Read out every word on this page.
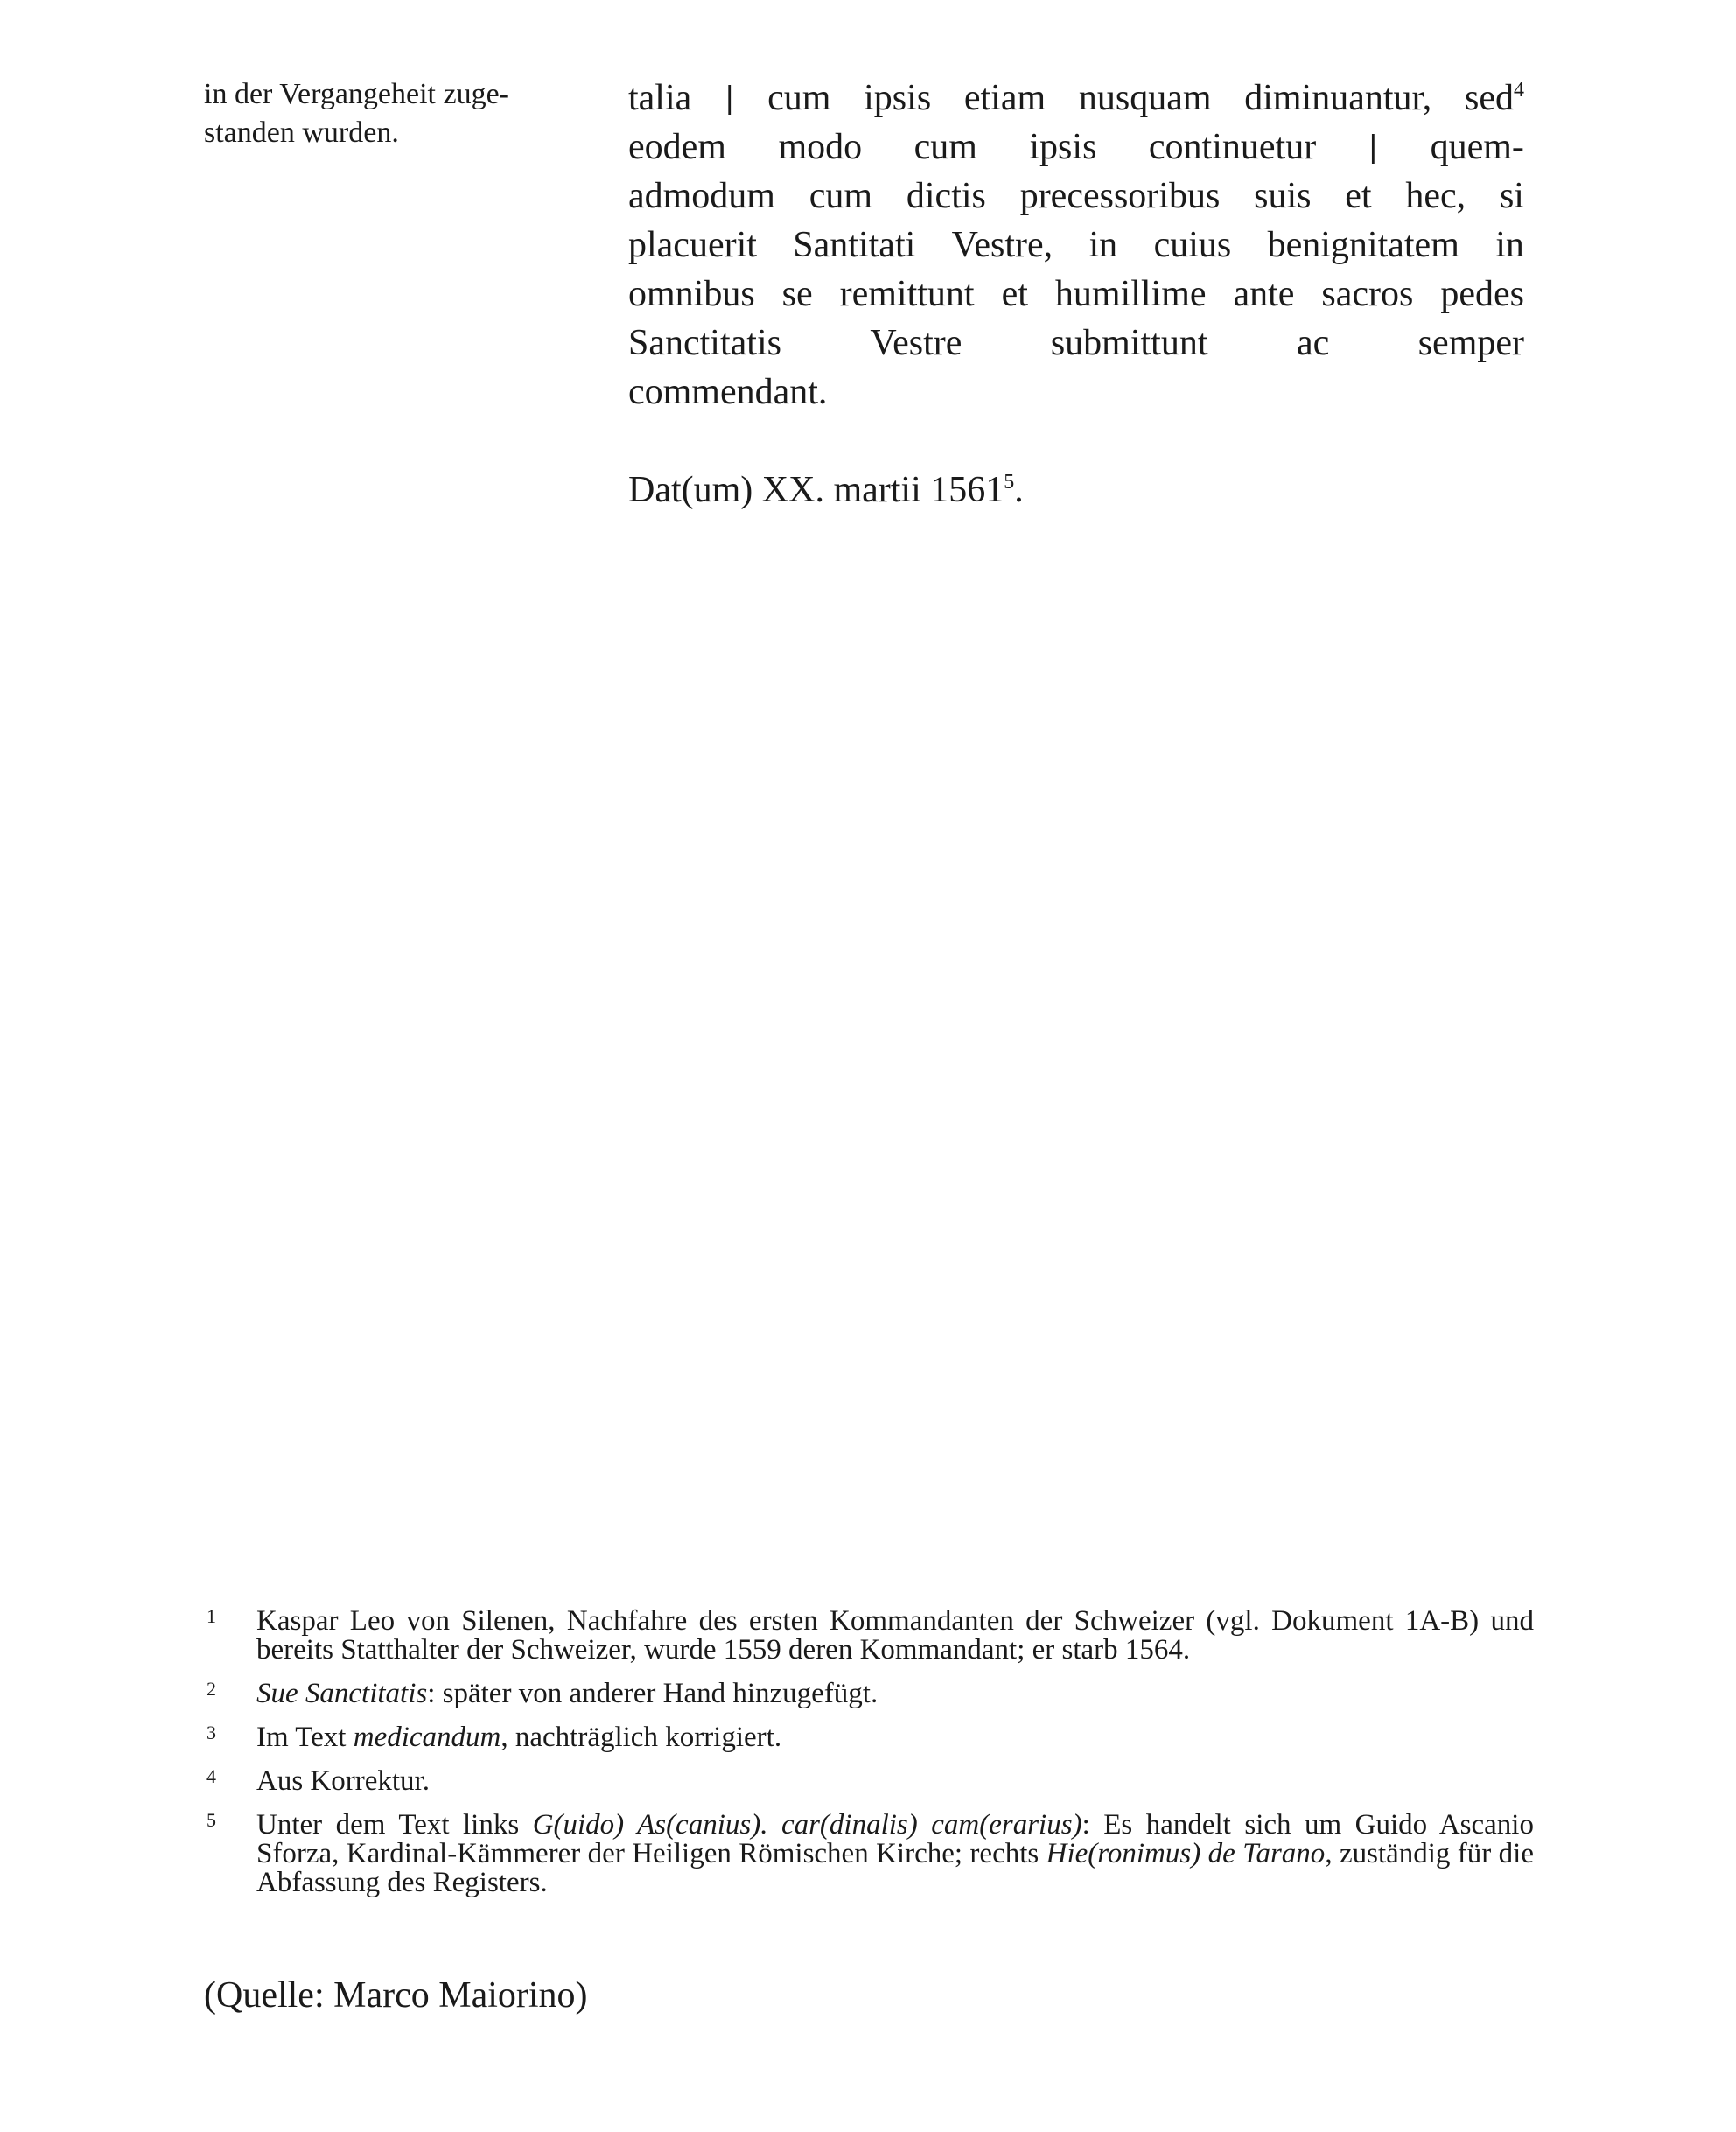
in der Vergangeheit zuge-
standen wurden.
talia | cum ipsis etiam nusquam diminuantur, sed$^4$
eodem modo cum ipsis continuetur | quem-
admodum cum dictis precessoribus suis et hec, si
placuerit Santitati Vestre, in cuius benignitatem in
omnibus se remittunt et humillime ante sacros pedes
Sanctitatis Vestre submittunt ac semper
commendant.
Dat(um) XX. martii 1561$^5$.
1 Kaspar Leo von Silenen, Nachfahre des ersten Kommandanten der Schweizer (vgl. Dokument 1A-B) und bereits Statthalter der Schweizer, wurde 1559 deren Kommandant; er starb 1564.
2 Sue Sanctitatis: später von anderer Hand hinzugefügt.
3 Im Text medicandum, nachträglich korrigiert.
4 Aus Korrektur.
5 Unter dem Text links G(uido) As(canius). car(dinalis) cam(erarius): Es handelt sich um Guido Ascanio Sforza, Kardinal-Kämmerer der Heiligen Römischen Kirche; rechts Hie(ronimus) de Tarano, zuständig für die Abfassung des Registers.
(Quelle: Marco Maiorino)
